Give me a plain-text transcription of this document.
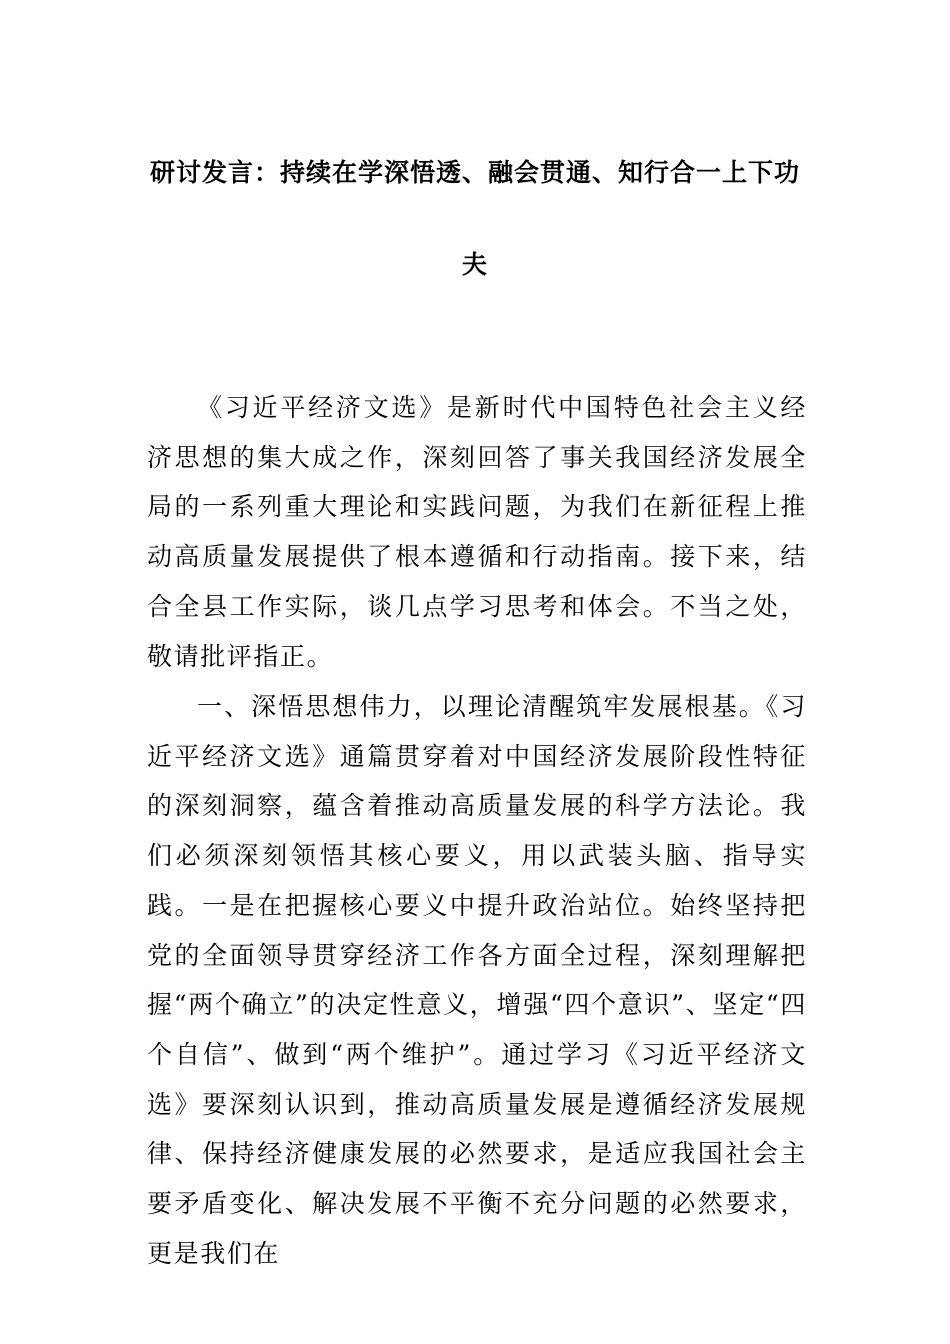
研讨发言：持续在学深悟透、融会贯通、知行合一上下功
夫

《习近平经济文选》是新时代中国特色社会主义经济思想的集大成之作，深刻回答了事关我国经济发展全局的一系列重大理论和实践问题，为我们在新征程上推动高质量发展提供了根本遵循和行动指南。接下来，结合全县工作实际，谈几点学习思考和体会。不当之处，敬请批评指正。

一、深悟思想伟力，以理论清醒筑牢发展根基。《习近平经济文选》通篇贯穿着对中国经济发展阶段性特征的深刻洞察，蕴含着推动高质量发展的科学方法论。我们必须深刻领悟其核心要义，用以武装头脑、指导实践。一是在把握核心要义中提升政治站位。始终坚持把党的全面领导贯穿经济工作各方面全过程，深刻理解把握“两个确立”的决定性意义，增强“四个意识”、坚定“四个自信”、做到“两个维护”。通过学习《习近平经济文选》要深刻认识到，推动高质量发展是遵循经济发展规律、保持经济健康发展的必然要求，是适应我国社会主要矛盾变化、解决发展不平衡不充分问题的必然要求，更是我们在
